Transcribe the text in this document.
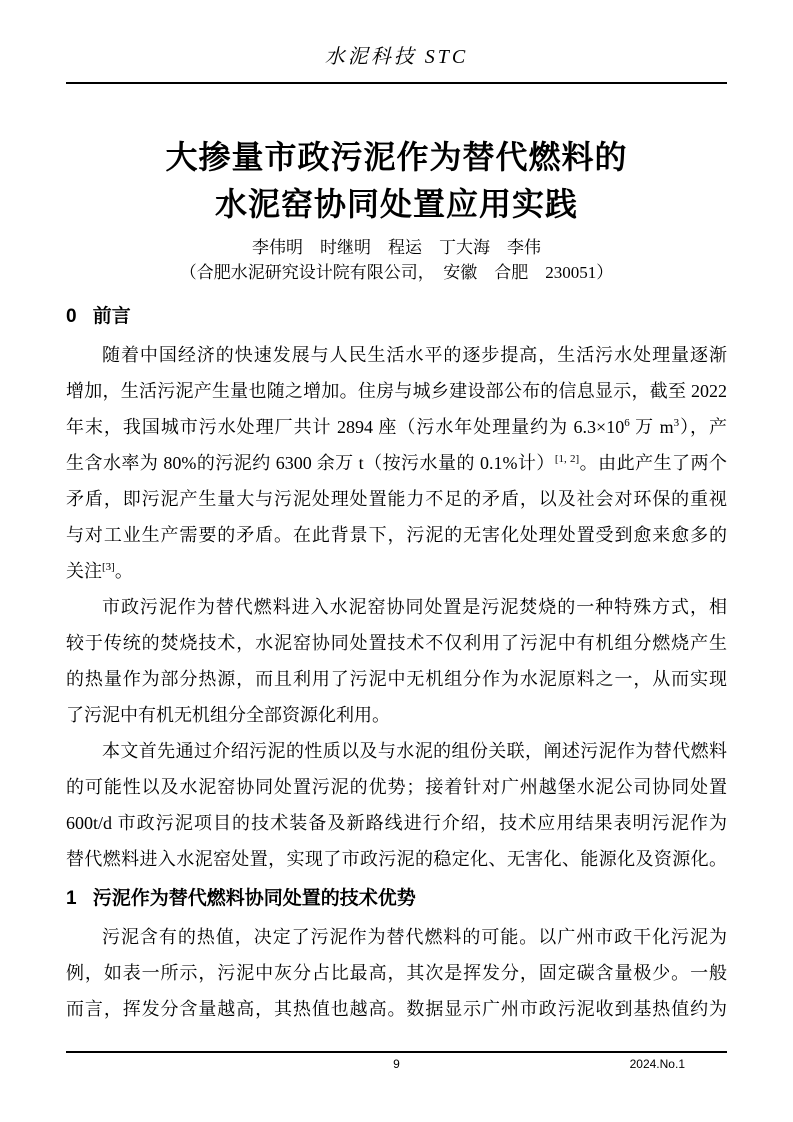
水泥科技 STC
大掺量市政污泥作为替代燃料的
水泥窑协同处置应用实践
李伟明　时继明　程运　丁大海　李伟
（合肥水泥研究设计院有限公司，　安徽　合肥　230051）
0 前言
随着中国经济的快速发展与人民生活水平的逐步提高，生活污水处理量逐渐
增加，生活污泥产生量也随之增加。住房与城乡建设部公布的信息显示，截至 2022
年末，我国城市污水处理厂共计 2894 座（污水年处理量约为 6.3×10$^6$ 万 m$^3$），产
生含水率为 80%的污泥约 6300 余万 t（按污水量的 0.1%计）[1, 2]。由此产生了两个
矛盾，即污泥产生量大与污泥处理处置能力不足的矛盾，以及社会对环保的重视
与对工业生产需要的矛盾。在此背景下，污泥的无害化处理处置受到愈来愈多的
关注[3]。
市政污泥作为替代燃料进入水泥窑协同处置是污泥焚烧的一种特殊方式，相
较于传统的焚烧技术，水泥窑协同处置技术不仅利用了污泥中有机组分燃烧产生
的热量作为部分热源，而且利用了污泥中无机组分作为水泥原料之一，从而实现
了污泥中有机无机组分全部资源化利用。
本文首先通过介绍污泥的性质以及与水泥的组份关联，阐述污泥作为替代燃料
的可能性以及水泥窑协同处置污泥的优势；接着针对广州越堡水泥公司协同处置
600t/d 市政污泥项目的技术装备及新路线进行介绍，技术应用结果表明污泥作为
替代燃料进入水泥窑处置，实现了市政污泥的稳定化、无害化、能源化及资源化。
1 污泥作为替代燃料协同处置的技术优势
污泥含有的热值，决定了污泥作为替代燃料的可能。以广州市政干化污泥为
例，如表一所示，污泥中灰分占比最高，其次是挥发分，固定碳含量极少。一般
而言，挥发分含量越高，其热值也越高。数据显示广州市政污泥收到基热值约为
9	2024.No.1
